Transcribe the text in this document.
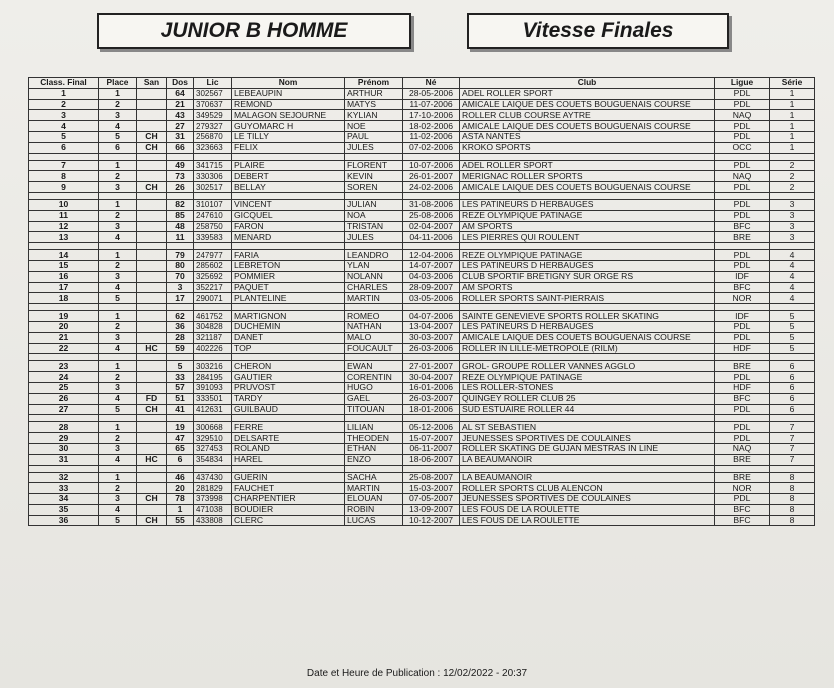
JUNIOR B HOMME	Vitesse Finales
Class. Final	Place	San	Dos	Lic	Nom	Prénom	Né	Club	Ligue	Série
1	1		64	302567	LEBEAUPIN	ARTHUR	28-05-2006	ADEL ROLLER SPORT	PDL	1
2	2		21	370637	REMOND	MATYS	11-07-2006	AMICALE LAIQUE DES COUETS BOUGUENAIS COURSE	PDL	1
3	3		43	349529	MALAGON SEJOURNE	KYLIAN	17-10-2006	ROLLER CLUB COURSE AYTRE	NAQ	1
4	4		27	279327	GUYOMARC H	NOE	18-02-2006	AMICALE LAIQUE DES COUETS BOUGUENAIS COURSE	PDL	1
5	5	CH	31	256870	LE TILLY	PAUL	11-02-2006	ASTA NANTES	PDL	1
6	6	CH	66	323663	FELIX	JULES	07-02-2006	KROKO SPORTS	OCC	1

7	1		49	341715	PLAIRE	FLORENT	10-07-2006	ADEL ROLLER SPORT	PDL	2
8	2		73	330306	DEBERT	KEVIN	26-01-2007	MERIGNAC ROLLER SPORTS	NAQ	2
9	3	CH	26	302517	BELLAY	SOREN	24-02-2006	AMICALE LAIQUE DES COUETS BOUGUENAIS COURSE	PDL	2

10	1		82	310107	VINCENT	JULIAN	31-08-2006	LES PATINEURS D HERBAUGES	PDL	3
11	2		85	247610	GICQUEL	NOA	25-08-2006	REZE OLYMPIQUE PATINAGE	PDL	3
12	3		48	258750	FARON	TRISTAN	02-04-2007	AM SPORTS	BFC	3
13	4		11	339583	MENARD	JULES	04-11-2006	LES PIERRES QUI ROULENT	BRE	3

14	1		79	247977	FARIA	LEANDRO	12-04-2006	REZE OLYMPIQUE PATINAGE	PDL	4
15	2		80	285602	LEBRETON	YLAN	14-07-2007	LES PATINEURS D HERBAUGES	PDL	4
16	3		70	325692	POMMIER	NOLANN	04-03-2006	CLUB SPORTIF BRETIGNY SUR ORGE RS	IDF	4
17	4		3	352217	PAQUET	CHARLES	28-09-2007	AM SPORTS	BFC	4
18	5		17	290071	PLANTELINE	MARTIN	03-05-2006	ROLLER SPORTS SAINT-PIERRAIS	NOR	4

19	1		62	461752	MARTIGNON	ROMEO	04-07-2006	SAINTE GENEVIEVE SPORTS ROLLER SKATING	IDF	5
20	2		36	304828	DUCHEMIN	NATHAN	13-04-2007	LES PATINEURS D HERBAUGES	PDL	5
21	3		28	321187	DANET	MALO	30-03-2007	AMICALE LAIQUE DES COUETS BOUGUENAIS COURSE	PDL	5
22	4	HC	59	402226	TOP	FOUCAULT	26-03-2006	ROLLER IN LILLE-METROPOLE (RILM)	HDF	5

23	1		5	303216	CHERON	EWAN	27-01-2007	GROL- GROUPE ROLLER VANNES AGGLO	BRE	6
24	2		33	284195	GAUTIER	CORENTIN	30-04-2007	REZE OLYMPIQUE PATINAGE	PDL	6
25	3		57	391093	PRUVOST	HUGO	16-01-2006	LES ROLLER-STONES	HDF	6
26	4	FD	51	333501	TARDY	GAEL	26-03-2007	QUINGEY ROLLER CLUB 25	BFC	6
27	5	CH	41	412631	GUILBAUD	TITOUAN	18-01-2006	SUD ESTUAIRE ROLLER 44	PDL	6

28	1		19	300668	FERRE	LILIAN	05-12-2006	AL ST SEBASTIEN	PDL	7
29	2		47	329510	DELSARTE	THEODEN	15-07-2007	JEUNESSES SPORTIVES DE COULAINES	PDL	7
30	3		65	327453	ROLAND	ETHAN	06-11-2007	ROLLER SKATING DE GUJAN MESTRAS IN LINE	NAQ	7
31	4	HC	6	354834	HAREL	ENZO	18-06-2007	LA BEAUMANOIR	BRE	7

32	1		46	437430	GUERIN	SACHA	25-08-2007	LA BEAUMANOIR	BRE	8
33	2		20	281829	FAUCHET	MARTIN	15-03-2007	ROLLER SPORTS CLUB ALENCON	NOR	8
34	3	CH	78	373998	CHARPENTIER	ELOUAN	07-05-2007	JEUNESSES SPORTIVES DE COULAINES	PDL	8
35	4		1	471038	BOUDIER	ROBIN	13-09-2007	LES FOUS DE LA ROULETTE	BFC	8
36	5	CH	55	433808	CLERC	LUCAS	10-12-2007	LES FOUS DE LA ROULETTE	BFC	8
Date et Heure de Publication : 12/02/2022 - 20:37
